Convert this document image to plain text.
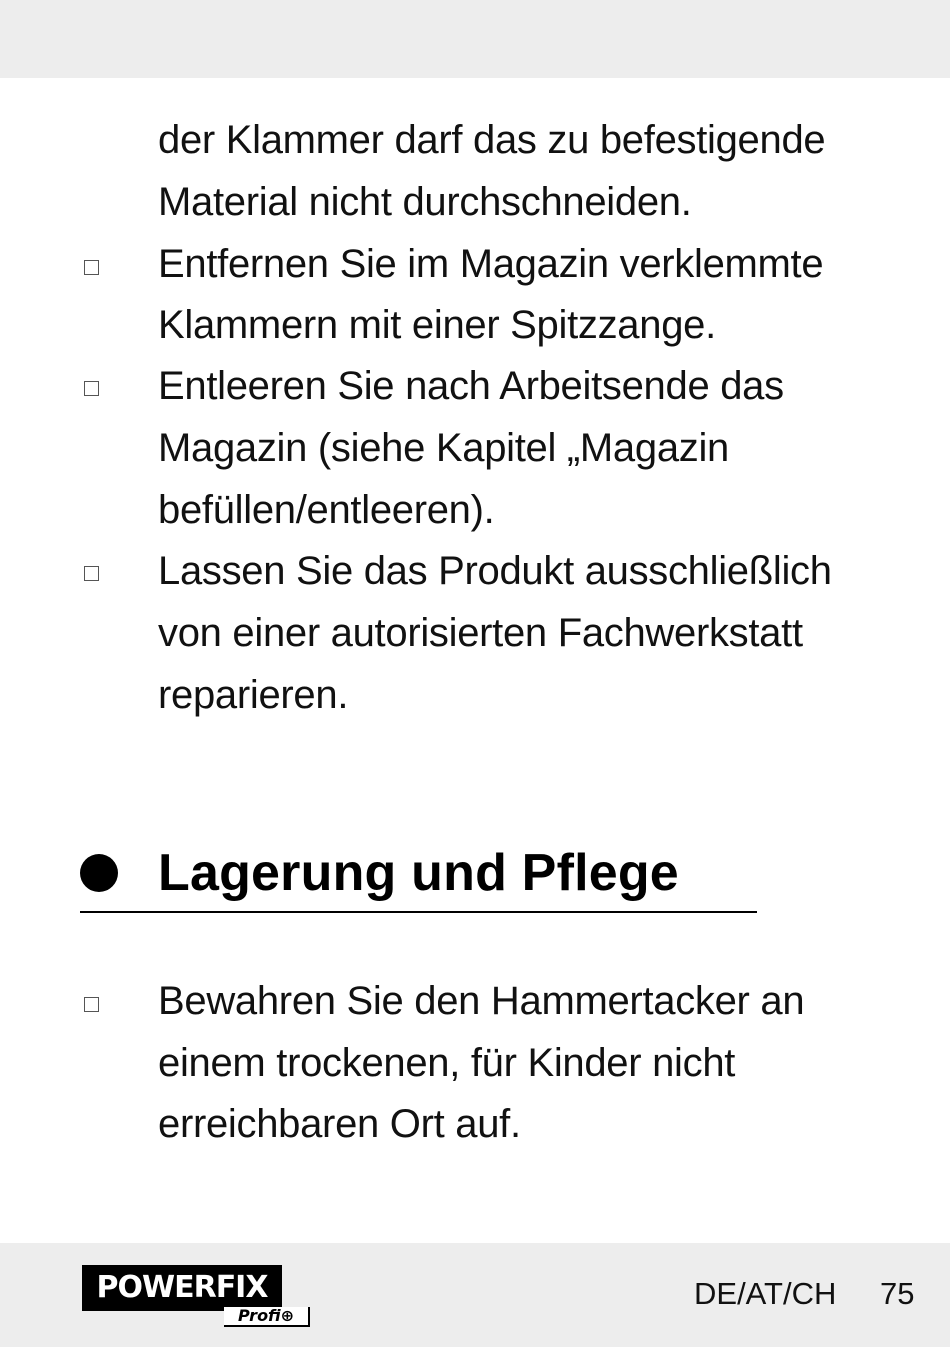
der Klammer darf das zu befestigende
Material nicht durchschneiden.
Entfernen Sie im Magazin verklemmte
Klammern mit einer Spitzzange.
Entleeren Sie nach Arbeitsende das
Magazin (siehe Kapitel „Magazin
befüllen/entleeren).
Lassen Sie das Produkt ausschließlich
von einer autorisierten Fachwerkstatt
reparieren.
Lagerung und Pflege
Bewahren Sie den Hammertacker an
einem trockenen, für Kinder nicht
erreichbaren Ort auf.
POWERFIX
Profi⊕
DE/AT/CH 75
